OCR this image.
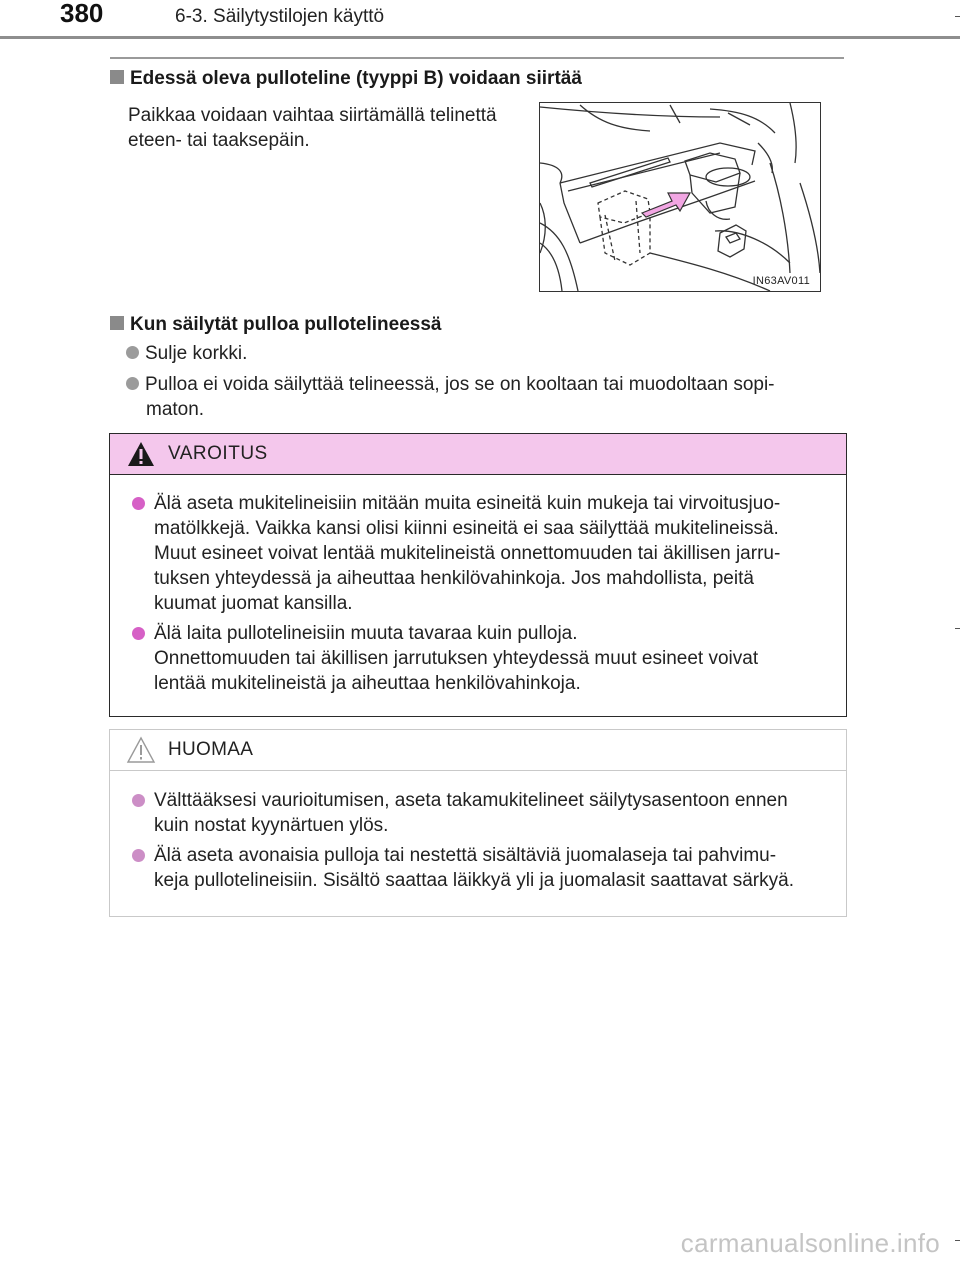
380	6-3. Säilytystilojen käyttö
Edessä oleva pulloteline (tyyppi B) voidaan siirtää
Paikkaa voidaan vaihtaa siirtämällä telinettä
eteen- tai taaksepäin.
IN63AV011
Kun säilytät pulloa pullotelineessä
Sulje korkki.
Pulloa ei voida säilyttää telineessä, jos se on kooltaan tai muodoltaan sopi-
maton.
VAROITUS
Älä aseta mukitelineisiin mitään muita esineitä kuin mukeja tai virvoitusjuo-
matölkkejä. Vaikka kansi olisi kiinni esineitä ei saa säilyttää mukitelineissä.
Muut esineet voivat lentää mukitelineistä onnettomuuden tai äkillisen jarru-
tuksen yhteydessä ja aiheuttaa henkilövahinkoja. Jos mahdollista, peitä
kuumat juomat kansilla.
Älä laita pullotelineisiin muuta tavaraa kuin pulloja.
Onnettomuuden tai äkillisen jarrutuksen yhteydessä muut esineet voivat
lentää mukitelineistä ja aiheuttaa henkilövahinkoja.
HUOMAA
Välttääksesi vaurioitumisen, aseta takamukitelineet säilytysasentoon ennen
kuin nostat kyynärtuen ylös.
Älä aseta avonaisia pulloja tai nestettä sisältäviä juomalaseja tai pahvimu-
keja pullotelineisiin. Sisältö saattaa läikkyä yli ja juomalasit saattavat särkyä.
carmanualsonline.info
